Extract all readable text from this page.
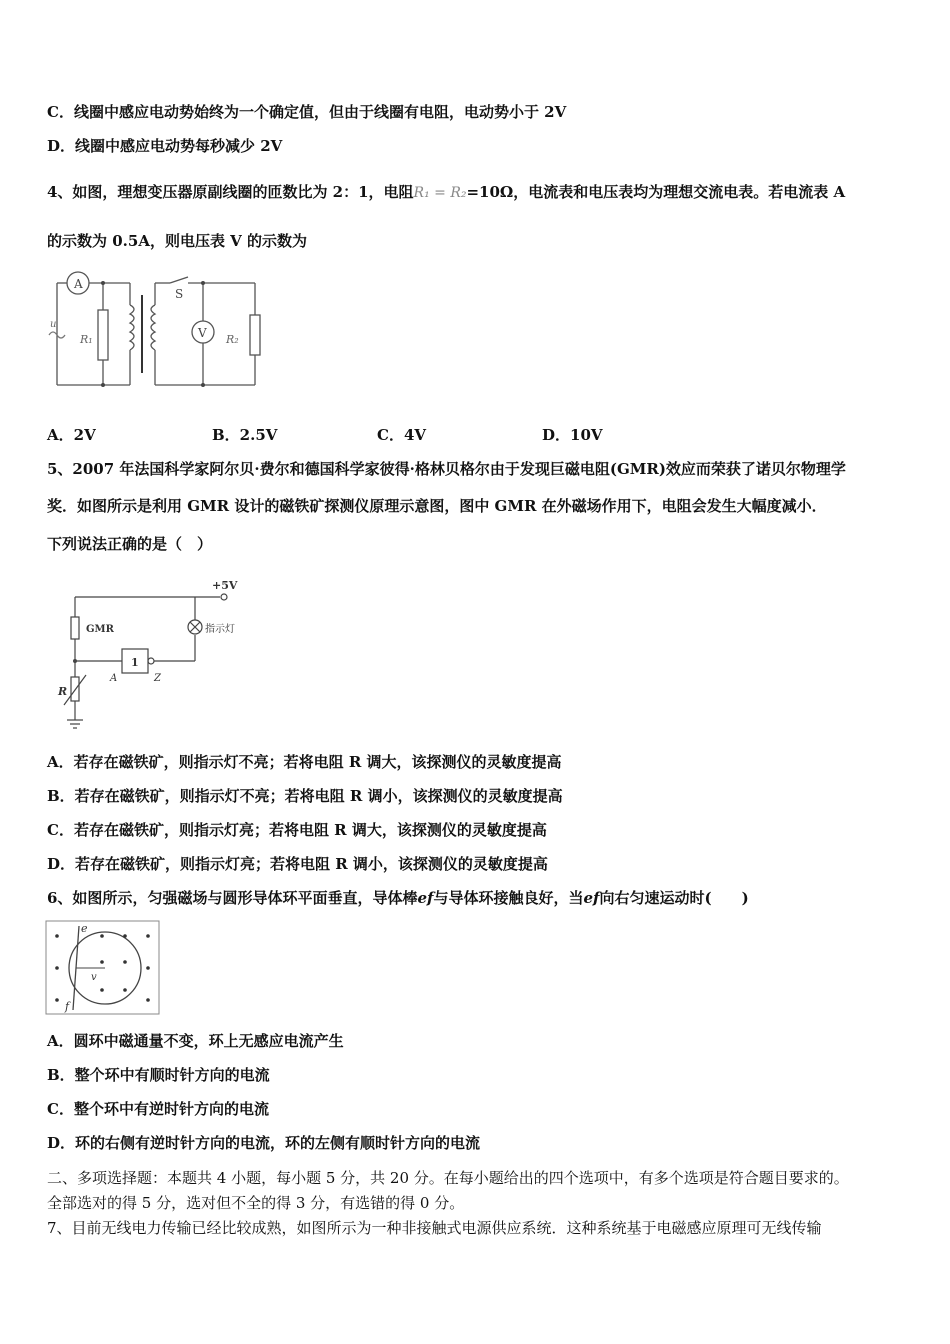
C．线圈中感应电动势始终为一个确定值，但由于线圈有电阻，电动势小于 2V
D．线圈中感应电动势每秒减少 2V
4、如图，理想变压器原副线圈的匝数比为 2：1，电阻R₁ = R₂=10Ω，电流表和电压表均为理想交流电表。若电流表 A
的示数为 0.5A，则电压表 V 的示数为
A
S
V
u
R₁	R₂
A．2V	B．2.5V	C．4V	D．10V
5、2007 年法国科学家阿尔贝·费尔和德国科学家彼得·格林贝格尔由于发现巨磁电阻(GMR)效应而荣获了诺贝尔物理学
奖．如图所示是利用 GMR 设计的磁铁矿探测仪原理示意图，图中 GMR 在外磁场作用下，电阻会发生大幅度减小．
下列说法正确的是（　）
+5V
GMR	指示灯
1
A	Z
R
A．若存在磁铁矿，则指示灯不亮；若将电阻 R 调大，该探测仪的灵敏度提高
B．若存在磁铁矿，则指示灯不亮；若将电阻 R 调小，该探测仪的灵敏度提高
C．若存在磁铁矿，则指示灯亮；若将电阻 R 调大，该探测仪的灵敏度提高
D．若存在磁铁矿，则指示灯亮；若将电阻 R 调小，该探测仪的灵敏度提高
6、如图所示，匀强磁场与圆形导体环平面垂直，导体棒ef与导体环接触良好，当ef向右匀速运动时(　　)
e
f
v
A．圆环中磁通量不变，环上无感应电流产生
B．整个环中有顺时针方向的电流
C．整个环中有逆时针方向的电流
D．环的右侧有逆时针方向的电流，环的左侧有顺时针方向的电流
二、多项选择题：本题共 4 小题，每小题 5 分，共 20 分。在每小题给出的四个选项中，有多个选项是符合题目要求的。
全部选对的得 5 分，选对但不全的得 3 分，有选错的得 0 分。
7、目前无线电力传输已经比较成熟，如图所示为一种非接触式电源供应系统．这种系统基于电磁感应原理可无线传输
